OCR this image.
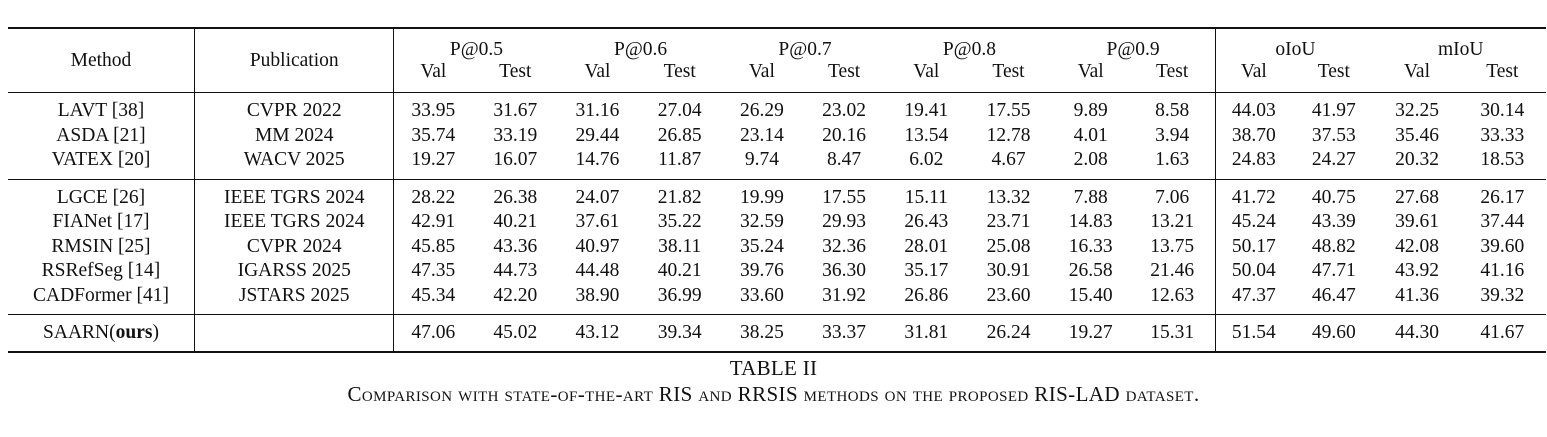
Method	Publication	P@0.5		P@0.6		P@0.7		P@0.8		P@0.9		oIoU		mIoU	
		Val	Test	Val	Test	Val	Test	Val	Test	Val	Test	Val	Test	Val	Test
LAVT [38]	CVPR 2022	33.95	31.67	31.16	27.04	26.29	23.02	19.41	17.55	9.89	8.58	44.03	41.97	32.25	30.14
ASDA [21]	MM 2024	35.74	33.19	29.44	26.85	23.14	20.16	13.54	12.78	4.01	3.94	38.70	37.53	35.46	33.33
VATEX [20]	WACV 2025	19.27	16.07	14.76	11.87	9.74	8.47	6.02	4.67	2.08	1.63	24.83	24.27	20.32	18.53
LGCE [26]	IEEE TGRS 2024	28.22	26.38	24.07	21.82	19.99	17.55	15.11	13.32	7.88	7.06	41.72	40.75	27.68	26.17
FIANet [17]	IEEE TGRS 2024	42.91	40.21	37.61	35.22	32.59	29.93	26.43	23.71	14.83	13.21	45.24	43.39	39.61	37.44
RMSIN [25]	CVPR 2024	45.85	43.36	40.97	38.11	35.24	32.36	28.01	25.08	16.33	13.75	50.17	48.82	42.08	39.60
RSRefSeg [14]	IGARSS 2025	47.35	44.73	44.48	40.21	39.76	36.30	35.17	30.91	26.58	21.46	50.04	47.71	43.92	41.16
CADFormer [41]	JSTARS 2025	45.34	42.20	38.90	36.99	33.60	31.92	26.86	23.60	15.40	12.63	47.37	46.47	41.36	39.32
SAARN(ours)		47.06	45.02	43.12	39.34	38.25	33.37	31.81	26.24	19.27	15.31	51.54	49.60	44.30	41.67
TABLE II
Comparison with state-of-the-art RIS and RRSIS methods on the proposed RIS-LAD dataset.
